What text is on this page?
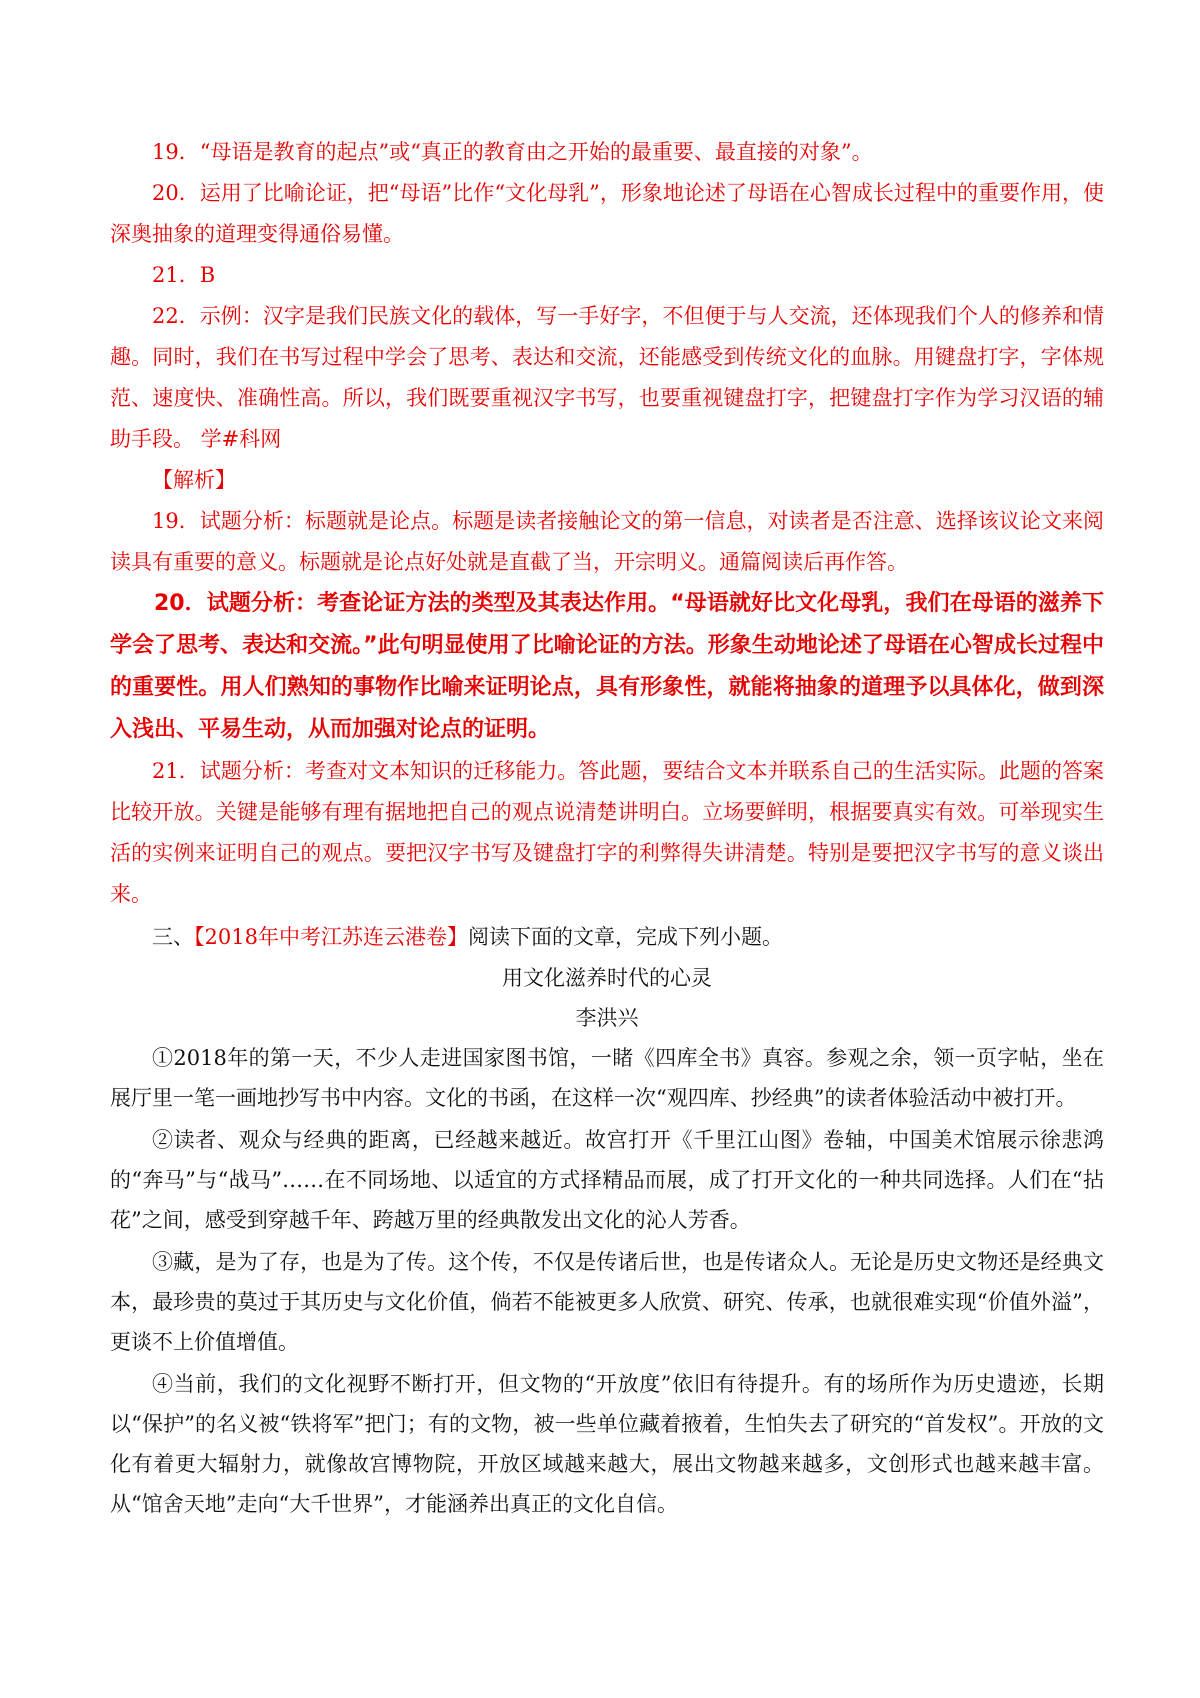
19．“母语是教育的起点”或“真正的教育由之开始的最重要、最直接的对象”。

20．运用了比喻论证，把“母语”比作“文化母乳”，形象地论述了母语在心智成长过程中的重要作用，使深奥抽象的道理变得通俗易懂。

21．B

22．示例：汉字是我们民族文化的载体，写一手好字，不但便于与人交流，还体现我们个人的修养和情趣。同时，我们在书写过程中学会了思考、表达和交流，还能感受到传统文化的血脉。用键盘打字，字体规范、速度快、准确性高。所以，我们既要重视汉字书写，也要重视键盘打字，把键盘打字作为学习汉语的辅助手段。 学#科网

【解析】

19．试题分析：标题就是论点。标题是读者接触论文的第一信息，对读者是否注意、选择该议论文来阅读具有重要的意义。标题就是论点好处就是直截了当，开宗明义。通篇阅读后再作答。

20．试题分析：考查论证方法的类型及其表达作用。“母语就好比文化母乳，我们在母语的滋养下学会了思考、表达和交流。”此句明显使用了比喻论证的方法。形象生动地论述了母语在心智成长过程中的重要性。用人们熟知的事物作比喻来证明论点，具有形象性，就能将抽象的道理予以具体化，做到深入浅出、平易生动，从而加强对论点的证明。

21．试题分析：考查对文本知识的迁移能力。答此题，要结合文本并联系自己的生活实际。此题的答案比较开放。关键是能够有理有据地把自己的观点说清楚讲明白。立场要鲜明，根据要真实有效。可举现实生活的实例来证明自己的观点。要把汉字书写及键盘打字的利弊得失讲清楚。特别是要把汉字书写的意义谈出来。

三、【2018年中考江苏连云港卷】阅读下面的文章，完成下列小题。

用文化滋养时代的心灵

李洪兴

①2018年的第一天，不少人走进国家图书馆，一睹《四库全书》真容。参观之余，领一页字帖，坐在展厅里一笔一画地抄写书中内容。文化的书函，在这样一次“观四库、抄经典”的读者体验活动中被打开。

②读者、观众与经典的距离，已经越来越近。故宫打开《千里江山图》卷轴，中国美术馆展示徐悲鸿的“奔马”与“战马”……在不同场地、以适宜的方式择精品而展，成了打开文化的一种共同选择。人们在“拈花”之间，感受到穿越千年、跨越万里的经典散发出文化的沁人芳香。

③藏，是为了存，也是为了传。这个传，不仅是传诸后世，也是传诸众人。无论是历史文物还是经典文本，最珍贵的莫过于其历史与文化价值，倘若不能被更多人欣赏、研究、传承，也就很难实现“价值外溢”，更谈不上价值增值。

④当前，我们的文化视野不断打开，但文物的“开放度”依旧有待提升。有的场所作为历史遗迹，长期以“保护”的名义被“铁将军”把门；有的文物，被一些单位藏着掖着，生怕失去了研究的“首发权”。开放的文化有着更大辐射力，就像故宫博物院，开放区域越来越大，展出文物越来越多，文创形式也越来越丰富。从“馆舍天地”走向“大千世界”，才能涵养出真正的文化自信。
